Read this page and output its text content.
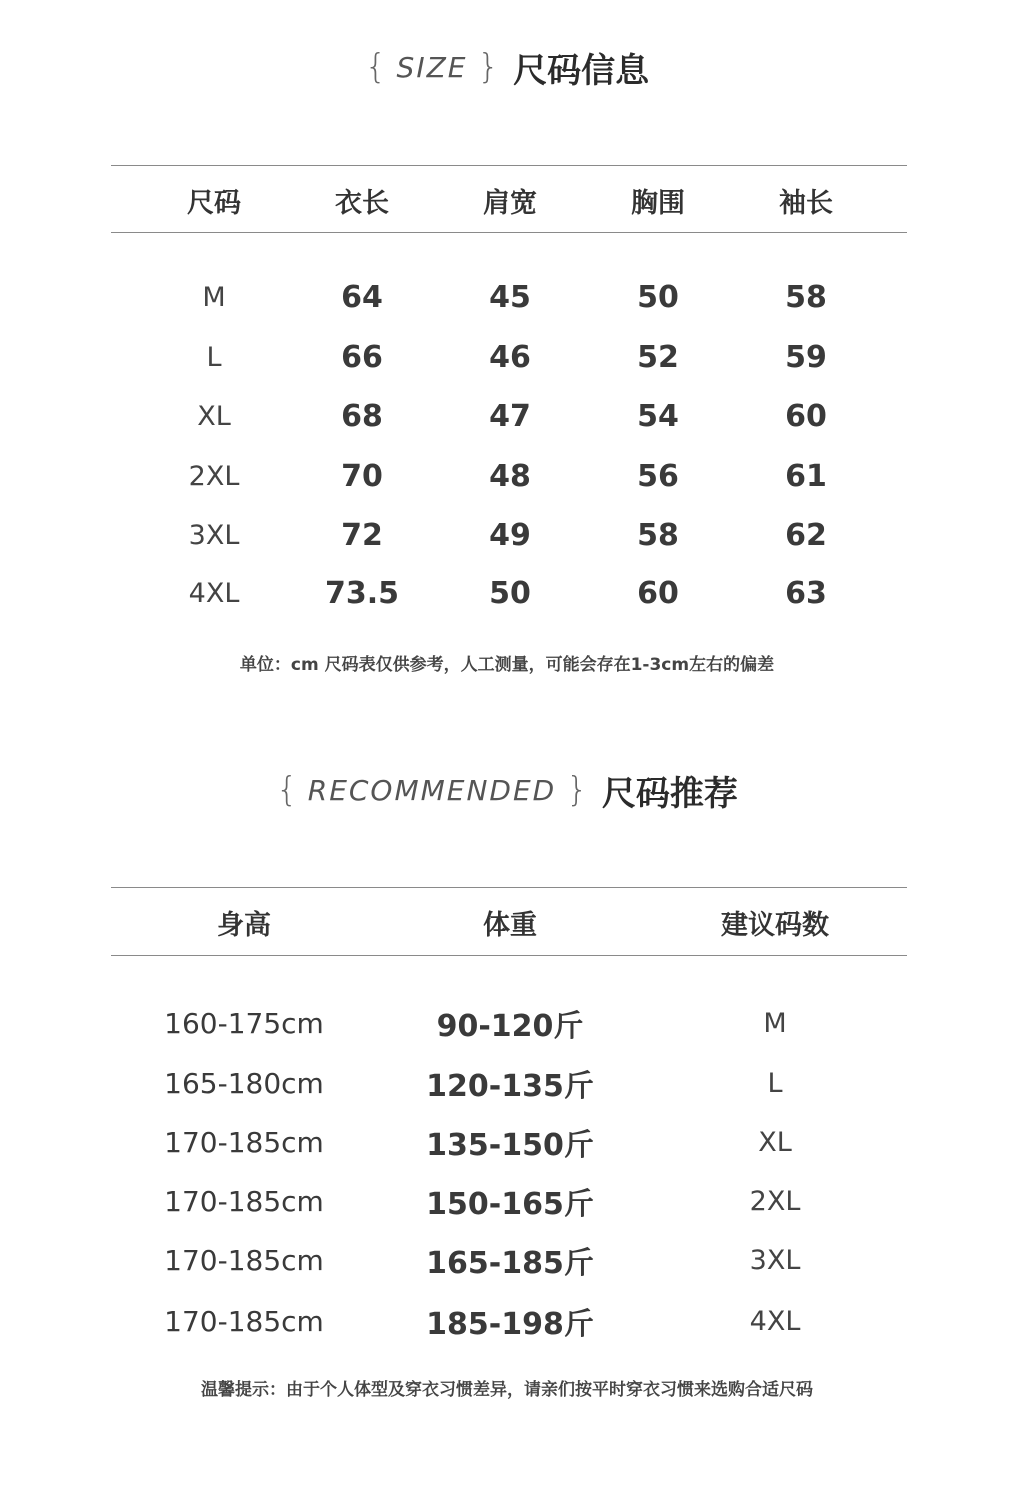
{ SIZE } 尺码信息
尺码	衣长	肩宽	胸围	袖长
M	64	45	50	58
L	66	46	52	59
XL	68	47	54	60
2XL	70	48	56	61
3XL	72	49	58	62
4XL	73.5	50	60	63
单位：cm 尺码表仅供参考，人工测量，可能会存在1-3cm左右的偏差
{ RECOMMENDED } 尺码推荐
身高	体重	建议码数
160-175cm	90-120斤	M
165-180cm	120-135斤	L
170-185cm	135-150斤	XL
170-185cm	150-165斤	2XL
170-185cm	165-185斤	3XL
170-185cm	185-198斤	4XL
温馨提示：由于个人体型及穿衣习惯差异，请亲们按平时穿衣习惯来选购合适尺码
